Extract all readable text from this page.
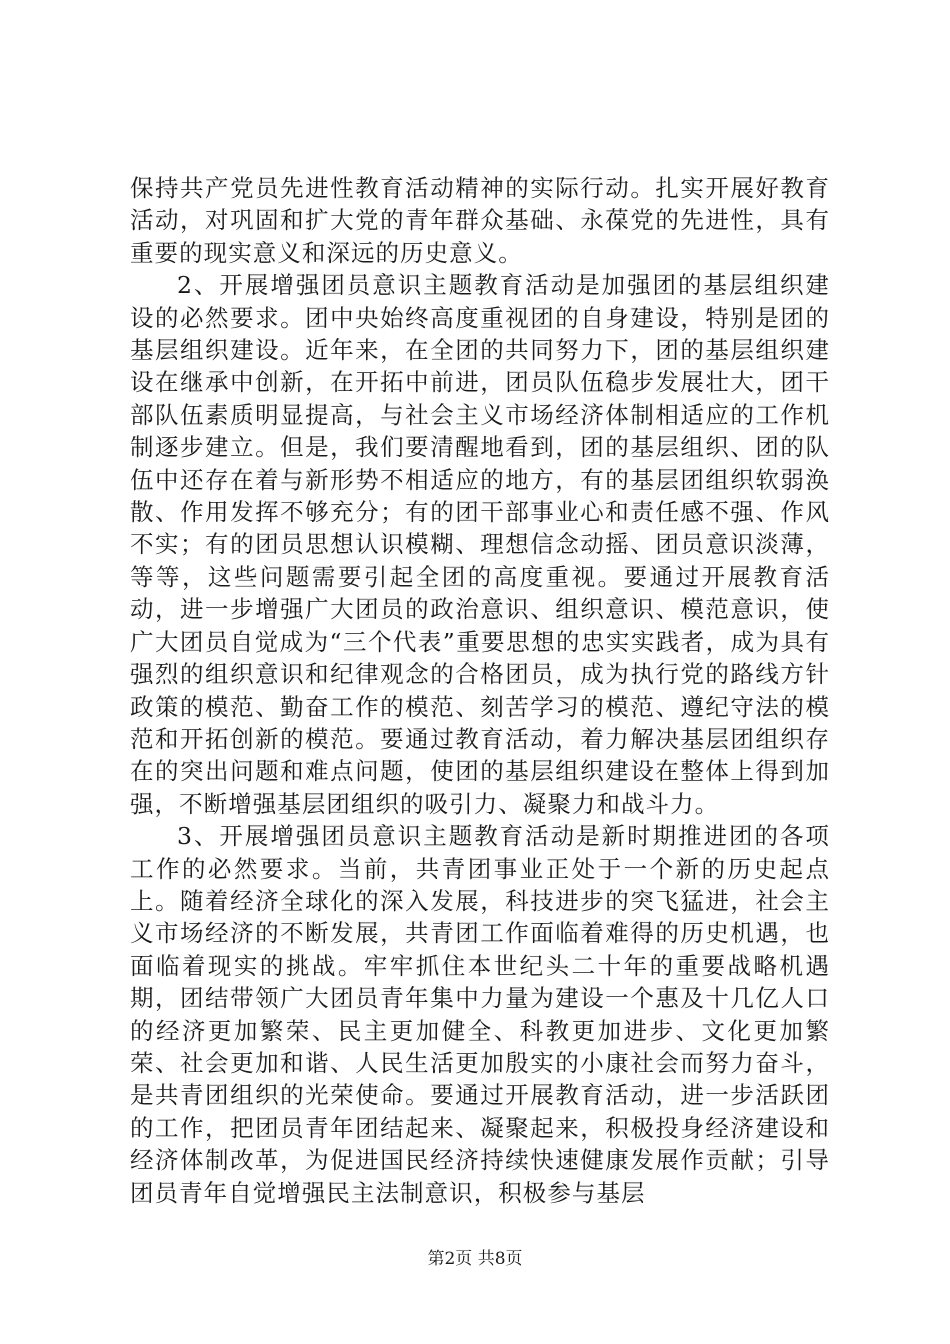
保持共产党员先进性教育活动精神的实际行动。扎实开展好教育活动，对巩固和扩大党的青年群众基础、永葆党的先进性，具有重要的现实意义和深远的历史意义。

2、开展增强团员意识主题教育活动是加强团的基层组织建设的必然要求。团中央始终高度重视团的自身建设，特别是团的基层组织建设。近年来，在全团的共同努力下，团的基层组织建设在继承中创新，在开拓中前进，团员队伍稳步发展壮大，团干部队伍素质明显提高，与社会主义市场经济体制相适应的工作机制逐步建立。但是，我们要清醒地看到，团的基层组织、团的队伍中还存在着与新形势不相适应的地方，有的基层团组织软弱涣散、作用发挥不够充分；有的团干部事业心和责任感不强、作风不实；有的团员思想认识模糊、理想信念动摇、团员意识淡薄，等等，这些问题需要引起全团的高度重视。要通过开展教育活动，进一步增强广大团员的政治意识、组织意识、模范意识，使广大团员自觉成为“三个代表”重要思想的忠实实践者，成为具有强烈的组织意识和纪律观念的合格团员，成为执行党的路线方针政策的模范、勤奋工作的模范、刻苦学习的模范、遵纪守法的模范和开拓创新的模范。要通过教育活动，着力解决基层团组织存在的突出问题和难点问题，使团的基层组织建设在整体上得到加强，不断增强基层团组织的吸引力、凝聚力和战斗力。

3、开展增强团员意识主题教育活动是新时期推进团的各项工作的必然要求。当前，共青团事业正处于一个新的历史起点上。随着经济全球化的深入发展，科技进步的突飞猛进，社会主义市场经济的不断发展，共青团工作面临着难得的历史机遇，也面临着现实的挑战。牢牢抓住本世纪头二十年的重要战略机遇期，团结带领广大团员青年集中力量为建设一个惠及十几亿人口的经济更加繁荣、民主更加健全、科教更加进步、文化更加繁荣、社会更加和谐、人民生活更加殷实的小康社会而努力奋斗，是共青团组织的光荣使命。要通过开展教育活动，进一步活跃团的工作，把团员青年团结起来、凝聚起来，积极投身经济建设和经济体制改革，为促进国民经济持续快速健康发展作贡献；引导团员青年自觉增强民主法制意识，积极参与基层

第2页 共8页
